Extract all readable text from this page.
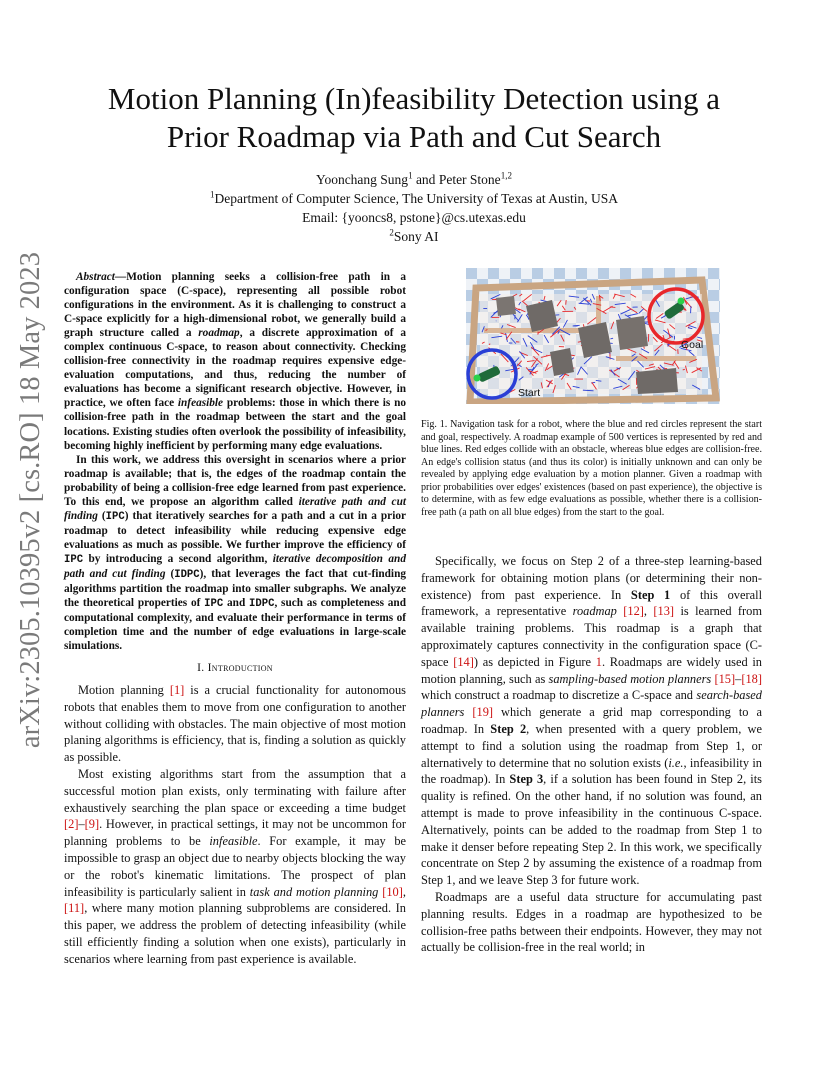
arXiv:2305.10395v2 [cs.RO] 18 May 2023
Motion Planning (In)feasibility Detection using a
Prior Roadmap via Path and Cut Search
Yoonchang Sung$^1$ and Peter Stone$^{1,2}$
$^1$Department of Computer Science, The University of Texas at Austin, USA
Email: {yooncs8, pstone}@cs.utexas.edu
$^2$Sony AI

Abstract—Motion planning seeks a collision-free path in a configuration space (C-space), representing all possible robot configurations in the environment. As it is challenging to construct a C-space explicitly for a high-dimensional robot, we generally build a graph structure called a roadmap, a discrete approximation of a complex continuous C-space, to reason about connectivity. Checking collision-free connectivity in the roadmap requires expensive edge-evaluation computations, and thus, reducing the number of evaluations has become a significant research objective. However, in practice, we often face infeasible problems: those in which there is no collision-free path in the roadmap between the start and the goal locations. Existing studies often overlook the possibility of infeasibility, becoming highly inefficient by performing many edge evaluations.

In this work, we address this oversight in scenarios where a prior roadmap is available; that is, the edges of the roadmap contain the probability of being a collision-free edge learned from past experience. To this end, we propose an algorithm called iterative path and cut finding (IPC) that iteratively searches for a path and a cut in a prior roadmap to detect infeasibility while reducing expensive edge evaluations as much as possible. We further improve the efficiency of IPC by introducing a second algorithm, iterative decomposition and path and cut finding (IDPC), that leverages the fact that cut-finding algorithms partition the roadmap into smaller subgraphs. We analyze the theoretical properties of IPC and IDPC, such as completeness and computational complexity, and evaluate their performance in terms of completion time and the number of edge evaluations in large-scale simulations.

I. Introduction

Motion planning [1] is a crucial functionality for autonomous robots that enables them to move from one configuration to another without colliding with obstacles. The main objective of most motion planing algorithms is efficiency, that is, finding a solution as quickly as possible.

Most existing algorithms start from the assumption that a successful motion plan exists, only terminating with failure after exhaustively searching the plan space or exceeding a time budget [2]–[9]. However, in practical settings, it may not be uncommon for planning problems to be infeasible. For example, it may be impossible to grasp an object due to nearby objects blocking the way or the robot's kinematic limitations. The prospect of plan infeasibility is particularly salient in task and motion planning [10], [11], where many motion planning subproblems are considered. In this paper, we address the problem of detecting infeasibility (while still efficiently finding a solution when one exists), particularly in scenarios where learning from past experience is available.

Goal
Start
Fig. 1. Navigation task for a robot, where the blue and red circles represent the start and goal, respectively. A roadmap example of 500 vertices is represented by red and blue lines. Red edges collide with an obstacle, whereas blue edges are collision-free. An edge's collision status (and thus its color) is initially unknown and can only be revealed by applying edge evaluation by a motion planner. Given a roadmap with prior probabilities over edges' existences (based on past experience), the objective is to determine, with as few edge evaluations as possible, whether there is a collision-free path (a path on all blue edges) from the start to the goal.

Specifically, we focus on Step 2 of a three-step learning-based framework for obtaining motion plans (or determining their non-existence) from past experience. In Step 1 of this overall framework, a representative roadmap [12], [13] is learned from available training problems. This roadmap is a graph that approximately captures connectivity in the configuration space (C-space [14]) as depicted in Figure 1. Roadmaps are widely used in motion planning, such as sampling-based motion planners [15]–[18] which construct a roadmap to discretize a C-space and search-based planners [19] which generate a grid map corresponding to a roadmap. In Step 2, when presented with a query problem, we attempt to find a solution using the roadmap from Step 1, or alternatively to determine that no solution exists (i.e., infeasibility in the roadmap). In Step 3, if a solution has been found in Step 2, its quality is refined. On the other hand, if no solution was found, an attempt is made to prove infeasibility in the continuous C-space. Alternatively, points can be added to the roadmap from Step 1 to make it denser before repeating Step 2. In this work, we specifically concentrate on Step 2 by assuming the existence of a roadmap from Step 1, and we leave Step 3 for future work.

Roadmaps are a useful data structure for accumulating past planning results. Edges in a roadmap are hypothesized to be collision-free paths between their endpoints. However, they may not actually be collision-free in the real world; in
